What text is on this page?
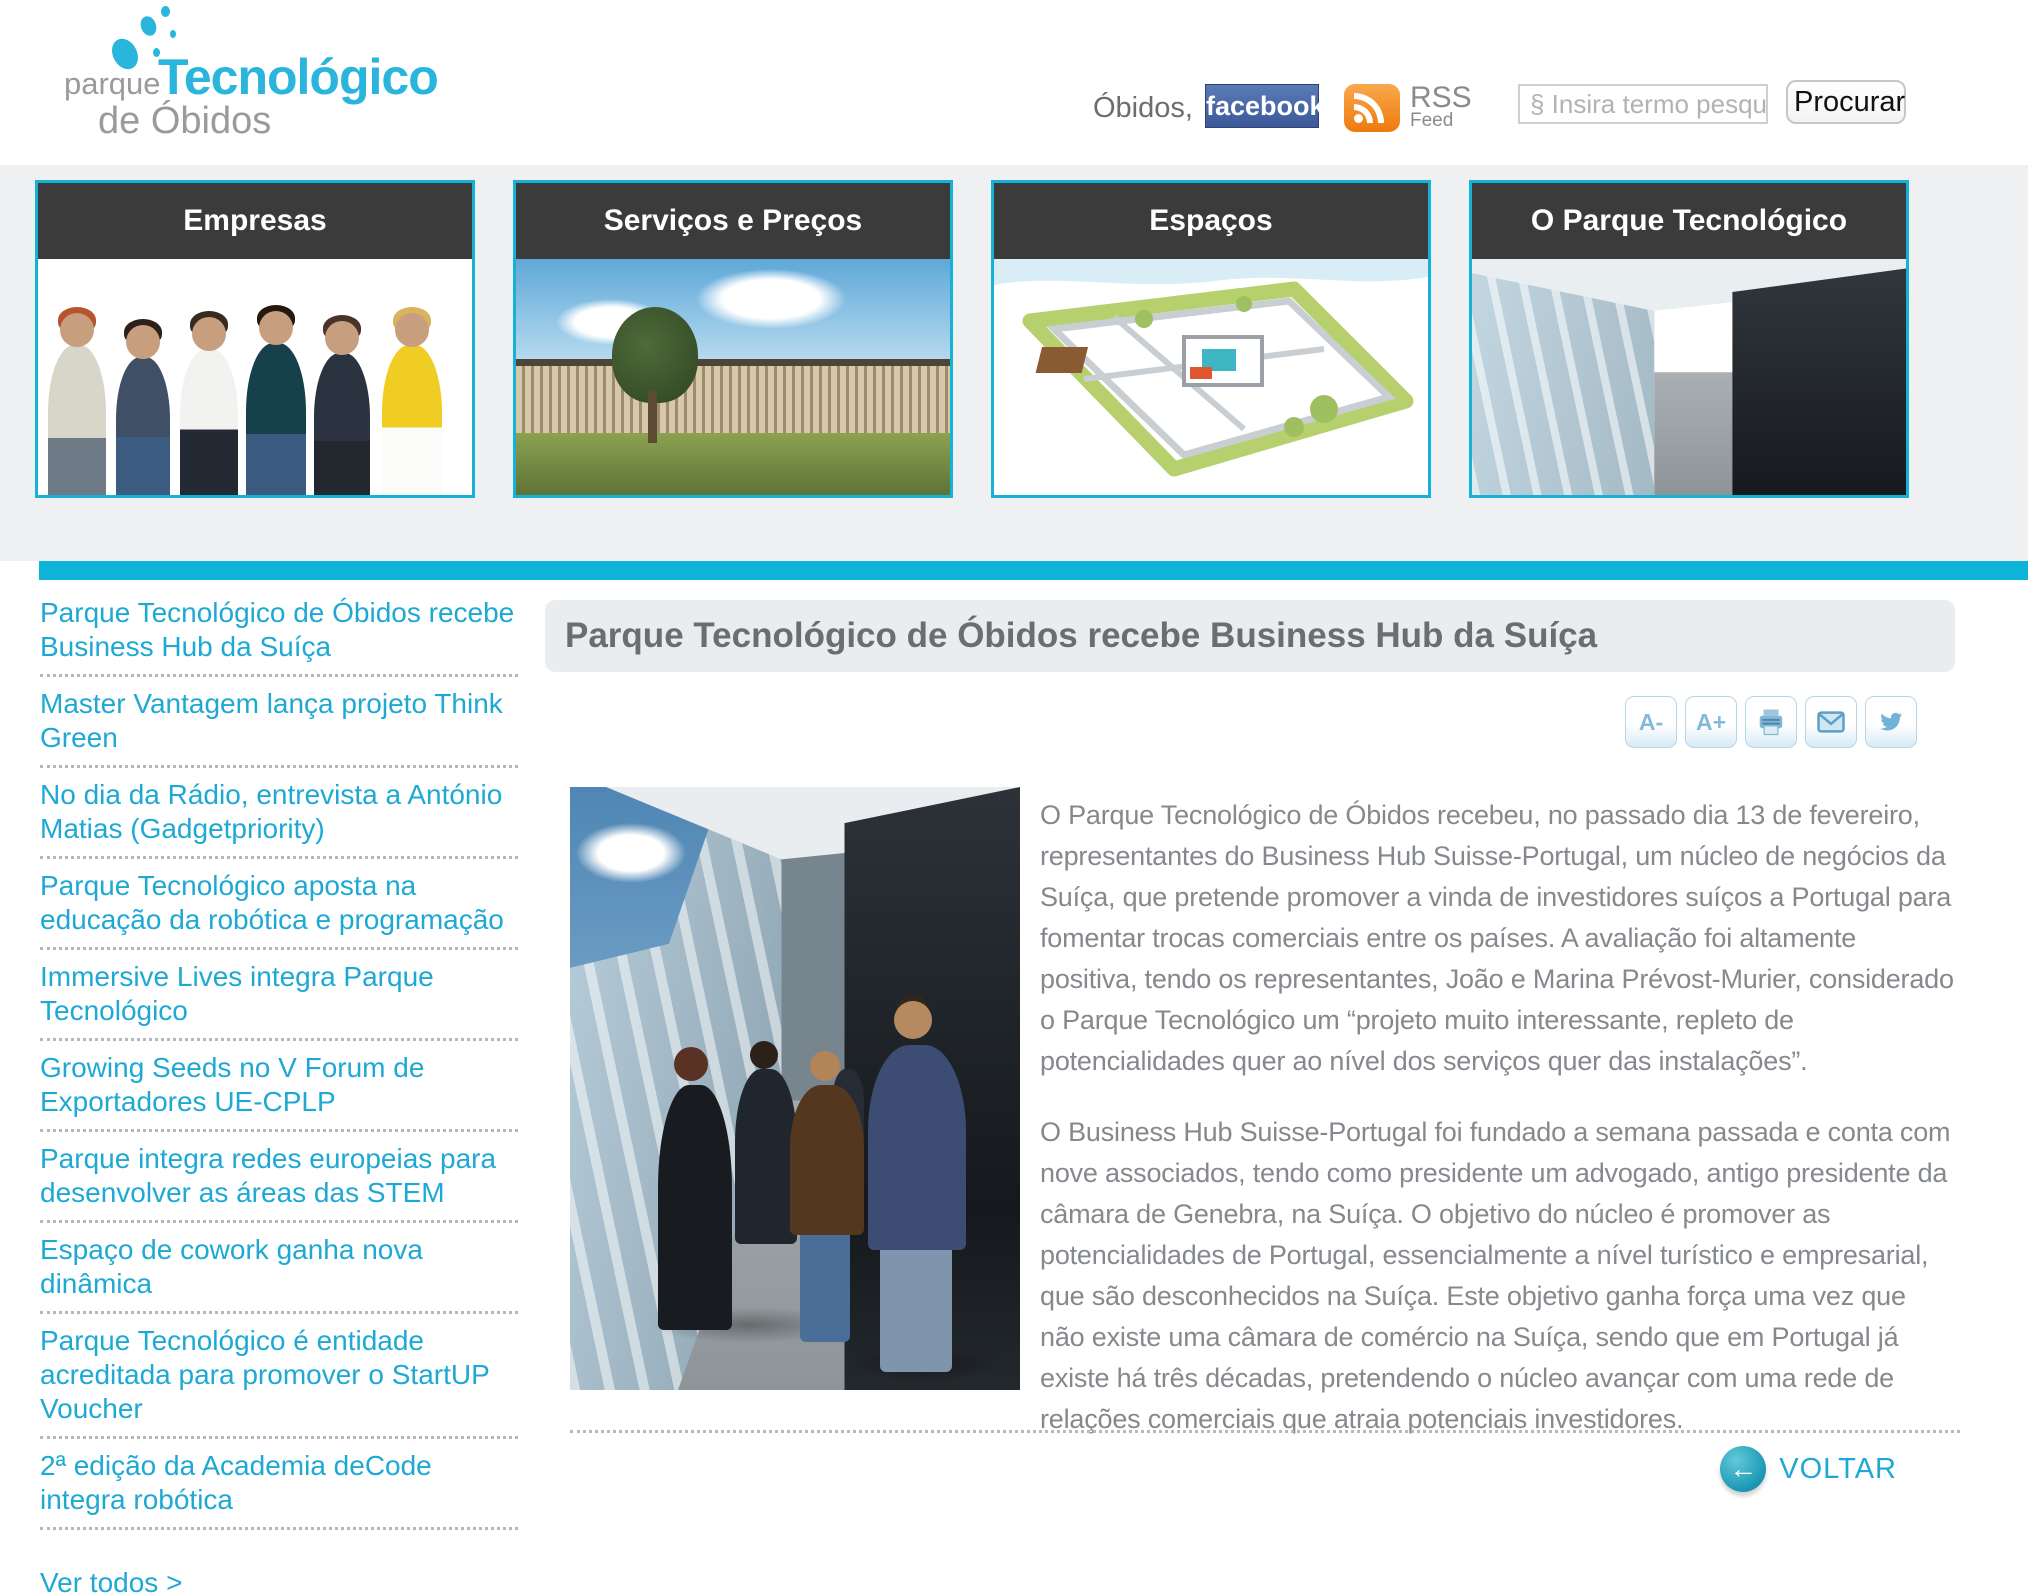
parque
Tecnológico
de Óbidos	Óbidos, facebook	RSS
Feed
§ Insira termo pesquisa
Procurar
Empresas	Serviços e Preços	Espaços	O Parque Tecnológico
Parque Tecnológico de Óbidos recebe Business Hub da Suíça
Master Vantagem lança projeto Think Green
No dia da Rádio, entrevista a António Matias (Gadgetpriority)
Parque Tecnológico aposta na educação da robótica e programação
Immersive Lives integra Parque Tecnológico
Growing Seeds no V Forum de Exportadores UE-CPLP
Parque integra redes europeias para desenvolver as áreas das STEM
Espaço de cowork ganha nova dinâmica
Parque Tecnológico é entidade acreditada para promover o StartUP Voucher
2ª edição da Academia deCode integra robótica
Ver todos >
Parque Tecnológico de Óbidos recebe Business Hub da Suíça
A-	A+

O Parque Tecnológico de Óbidos recebeu, no passado dia 13 de fevereiro, representantes do Business Hub Suisse-Portugal, um núcleo de negócios da Suíça, que pretende promover a vinda de investidores suíços a Portugal para fomentar trocas comerciais entre os países. A avaliação foi altamente positiva, tendo os representantes, João e Marina Prévost-Murier, considerado o Parque Tecnológico um “projeto muito interessante, repleto de potencialidades quer ao nível dos serviços quer das instalações”.

O Business Hub Suisse-Portugal foi fundado a semana passada e conta com nove associados, tendo como presidente um advogado, antigo presidente da câmara de Genebra, na Suíça. O objetivo do núcleo é promover as potencialidades de Portugal, essencialmente a nível turístico e empresarial, que são desconhecidos na Suíça. Este objetivo ganha força uma vez que não existe uma câmara de comércio na Suíça, sendo que em Portugal já existe há três décadas, pretendendo o núcleo avançar com uma rede de relações comerciais que atraia potenciais investidores.

← VOLTAR
